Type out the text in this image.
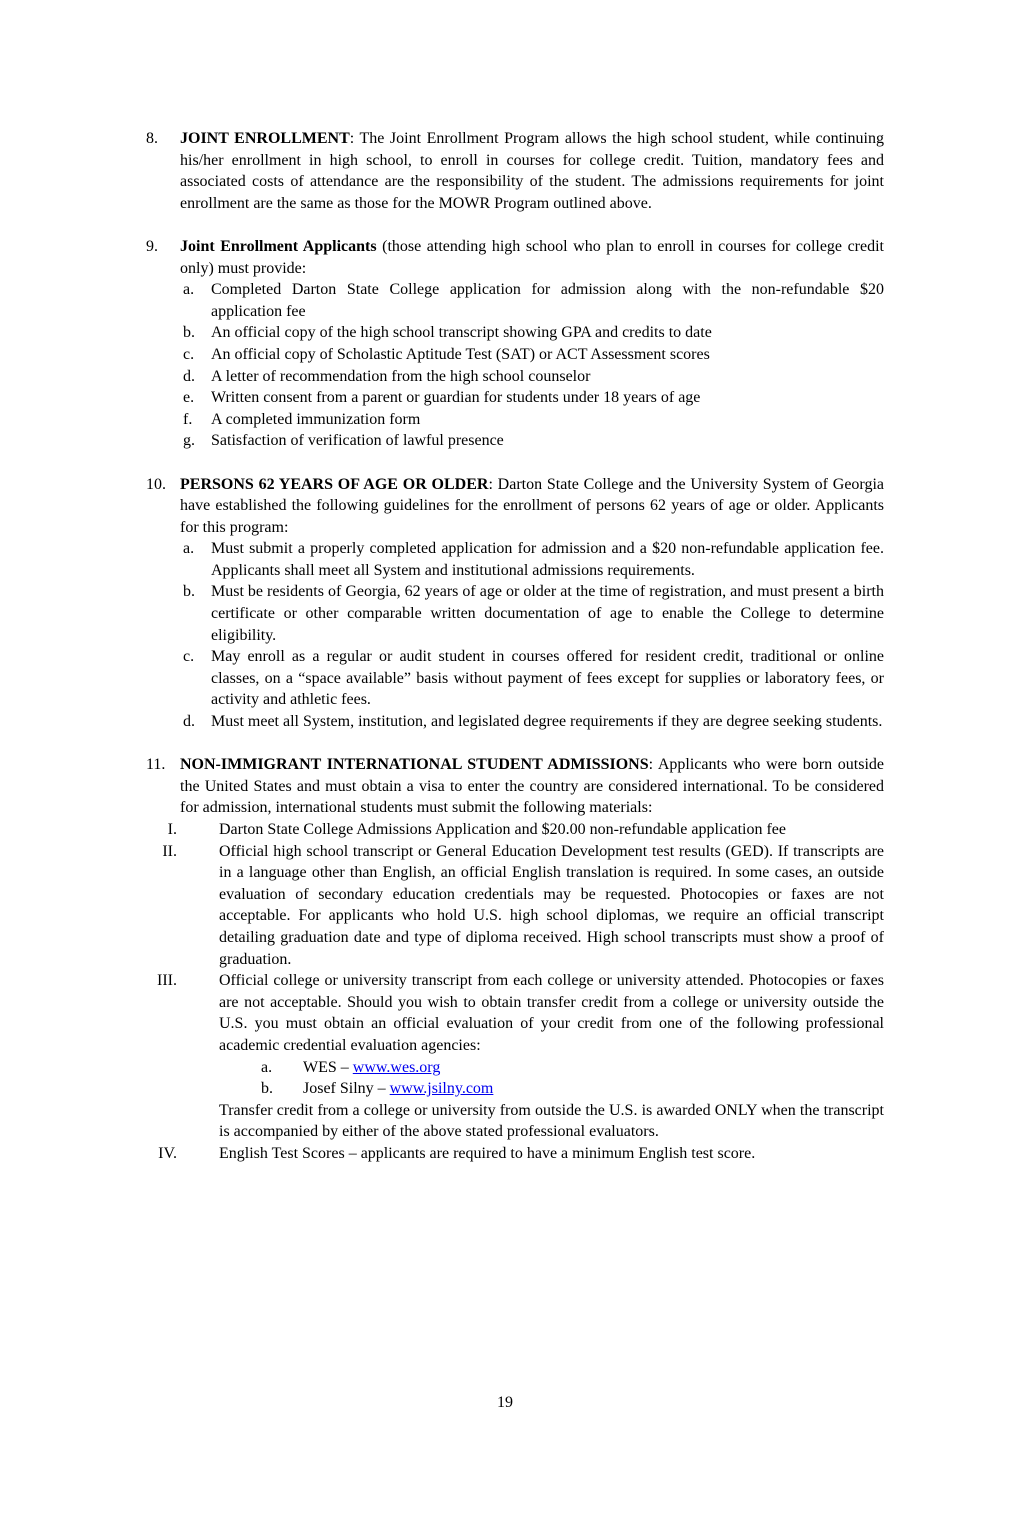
8. JOINT ENROLLMENT: The Joint Enrollment Program allows the high school student, while continuing his/her enrollment in high school, to enroll in courses for college credit. Tuition, mandatory fees and associated costs of attendance are the responsibility of the student. The admissions requirements for joint enrollment are the same as those for the MOWR Program outlined above.
9. Joint Enrollment Applicants (those attending high school who plan to enroll in courses for college credit only) must provide:
a. Completed Darton State College application for admission along with the non-refundable $20 application fee
b. An official copy of the high school transcript showing GPA and credits to date
c. An official copy of Scholastic Aptitude Test (SAT) or ACT Assessment scores
d. A letter of recommendation from the high school counselor
e. Written consent from a parent or guardian for students under 18 years of age
f. A completed immunization form
g. Satisfaction of verification of lawful presence
10. PERSONS 62 YEARS OF AGE OR OLDER: Darton State College and the University System of Georgia have established the following guidelines for the enrollment of persons 62 years of age or older. Applicants for this program:
a. Must submit a properly completed application for admission and a $20 non-refundable application fee. Applicants shall meet all System and institutional admissions requirements.
b. Must be residents of Georgia, 62 years of age or older at the time of registration, and must present a birth certificate or other comparable written documentation of age to enable the College to determine eligibility.
c. May enroll as a regular or audit student in courses offered for resident credit, traditional or online classes, on a “space available” basis without payment of fees except for supplies or laboratory fees, or activity and athletic fees.
d. Must meet all System, institution, and legislated degree requirements if they are degree seeking students.
11. NON-IMMIGRANT INTERNATIONAL STUDENT ADMISSIONS: Applicants who were born outside the United States and must obtain a visa to enter the country are considered international. To be considered for admission, international students must submit the following materials:
I.	Darton State College Admissions Application and $20.00 non-refundable application fee
II.	Official high school transcript or General Education Development test results (GED). If transcripts are in a language other than English, an official English translation is required. In some cases, an outside evaluation of secondary education credentials may be requested. Photocopies or faxes are not acceptable. For applicants who hold U.S. high school diplomas, we require an official transcript detailing graduation date and type of diploma received. High school transcripts must show a proof of graduation.
III.	Official college or university transcript from each college or university attended. Photocopies or faxes are not acceptable. Should you wish to obtain transfer credit from a college or university outside the U.S. you must obtain an official evaluation of your credit from one of the following professional academic credential evaluation agencies:
a. WES – www.wes.org
b. Josef Silny – www.jsilny.com
Transfer credit from a college or university from outside the U.S. is awarded ONLY when the transcript is accompanied by either of the above stated professional evaluators.
IV.	English Test Scores – applicants are required to have a minimum English test score.
19
